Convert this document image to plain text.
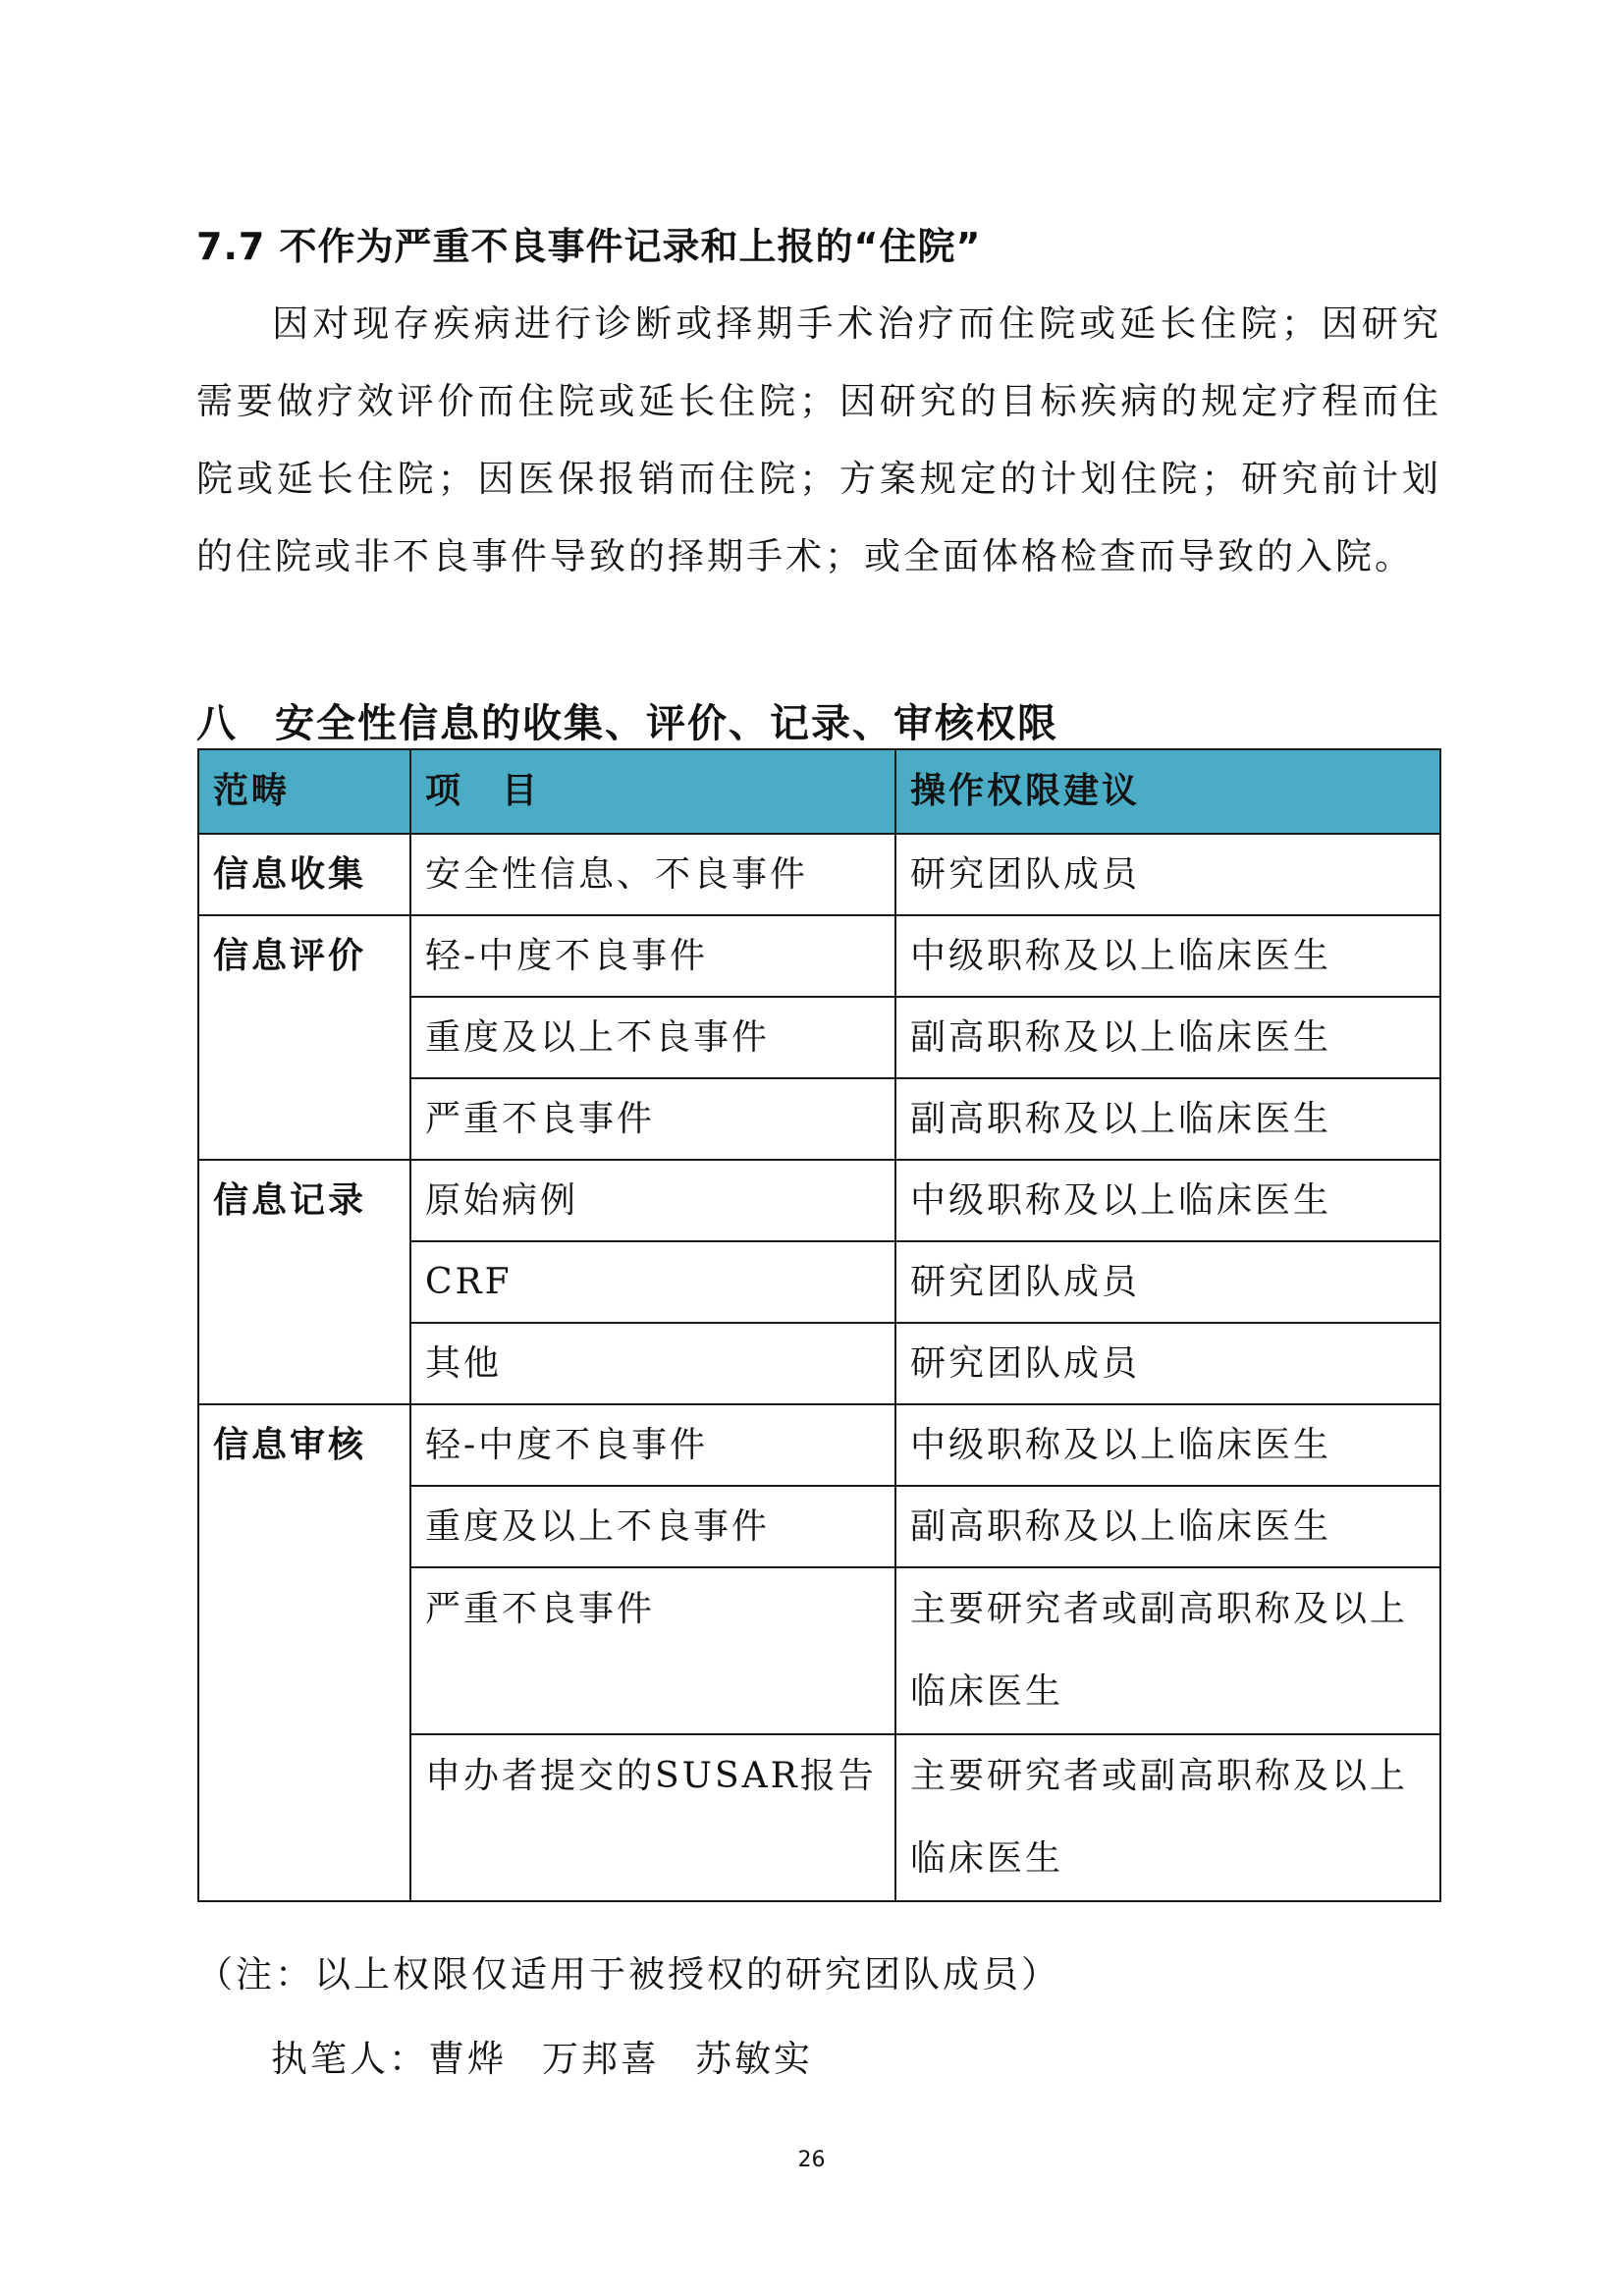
7.7 不作为严重不良事件记录和上报的“住院”
因对现存疾病进行诊断或择期手术治疗而住院或延长住院；因研究需要做疗效评价而住院或延长住院；因研究的目标疾病的规定疗程而住院或延长住院；因医保报销而住院；方案规定的计划住院；研究前计划的住院或非不良事件导致的择期手术；或全面体格检查而导致的入院。
八 安全性信息的收集、评价、记录、审核权限
范畴	项　目	操作权限建议
信息收集	安全性信息、不良事件	研究团队成员
信息评价	轻-中度不良事件	中级职称及以上临床医生
	重度及以上不良事件	副高职称及以上临床医生
	严重不良事件	副高职称及以上临床医生
信息记录	原始病例	中级职称及以上临床医生
	CRF	研究团队成员
	其他	研究团队成员
信息审核	轻-中度不良事件	中级职称及以上临床医生
	重度及以上不良事件	副高职称及以上临床医生
	严重不良事件	主要研究者或副高职称及以上临床医生
	申办者提交的SUSAR报告	主要研究者或副高职称及以上临床医生
（注：以上权限仅适用于被授权的研究团队成员）
执笔人：曹烨 万邦喜 苏敏实
26
